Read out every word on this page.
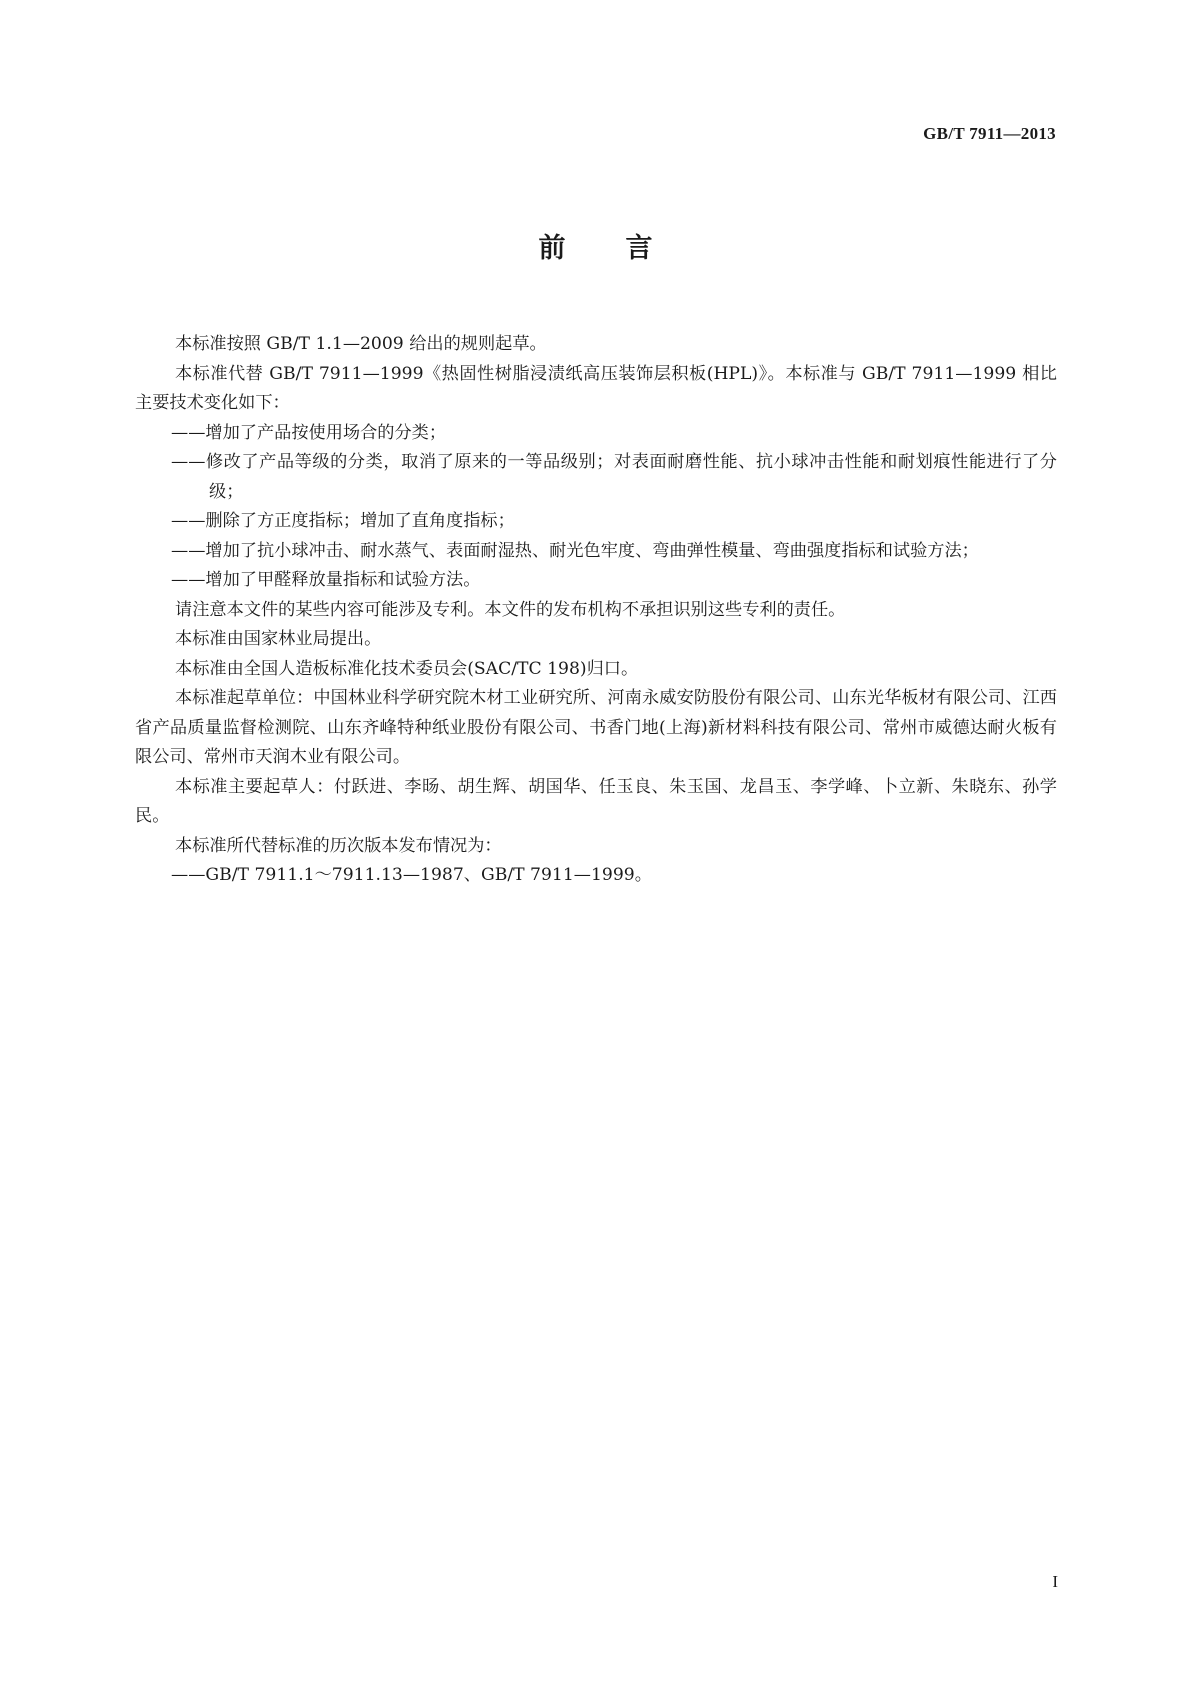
GB/T 7911—2013
前言

本标准按照 GB/T 1.1—2009 给出的规则起草。

本标准代替 GB/T 7911—1999《热固性树脂浸渍纸高压装饰层积板(HPL)》。本标准与 GB/T 7911—1999 相比主要技术变化如下：

——增加了产品按使用场合的分类；

——修改了产品等级的分类，取消了原来的一等品级别；对表面耐磨性能、抗小球冲击性能和耐划痕性能进行了分级；

——删除了方正度指标；增加了直角度指标；

——增加了抗小球冲击、耐水蒸气、表面耐湿热、耐光色牢度、弯曲弹性模量、弯曲强度指标和试验方法；

——增加了甲醛释放量指标和试验方法。

请注意本文件的某些内容可能涉及专利。本文件的发布机构不承担识别这些专利的责任。

本标准由国家林业局提出。

本标准由全国人造板标准化技术委员会(SAC/TC 198)归口。

本标准起草单位：中国林业科学研究院木材工业研究所、河南永威安防股份有限公司、山东光华板材有限公司、江西省产品质量监督检测院、山东齐峰特种纸业股份有限公司、书香门地(上海)新材料科技有限公司、常州市威德达耐火板有限公司、常州市天润木业有限公司。

本标准主要起草人：付跃进、李旸、胡生辉、胡国华、任玉良、朱玉国、龙昌玉、李学峰、卜立新、朱晓东、孙学民。

本标准所代替标准的历次版本发布情况为：

——GB/T 7911.1～7911.13—1987、GB/T 7911—1999。

I
